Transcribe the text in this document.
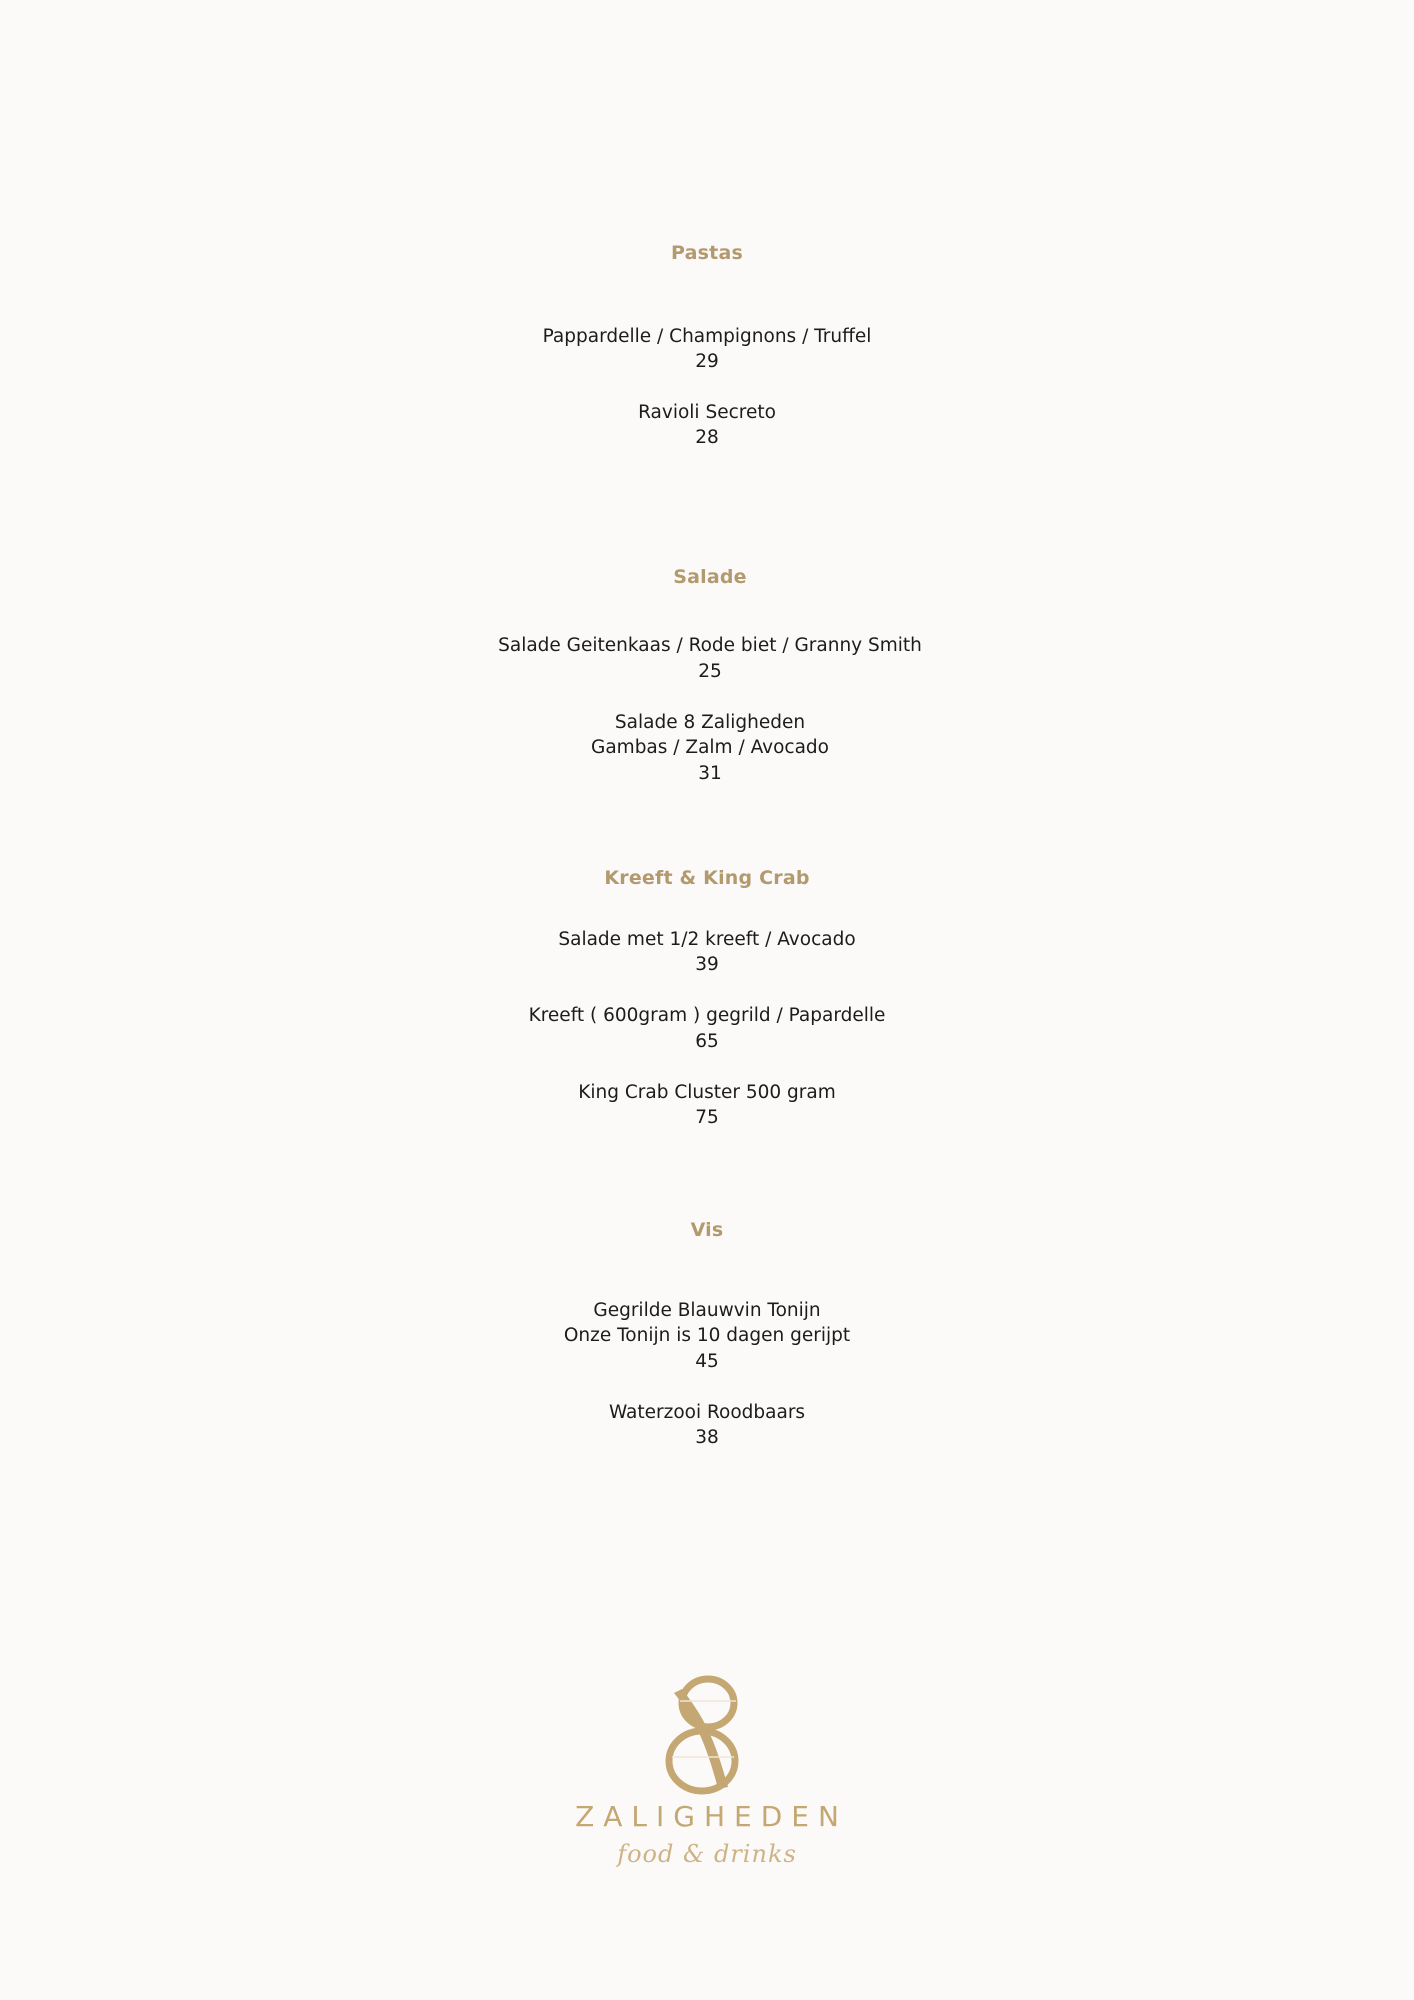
Pastas
Pappardelle / Champignons / Truffel
29
Ravioli Secreto
28
Salade
Salade Geitenkaas / Rode biet / Granny Smith
25
Salade 8 Zaligheden
Gambas / Zalm / Avocado
31
Kreeft & King Crab
Salade met 1/2 kreeft / Avocado
39
Kreeft ( 600gram ) gegrild / Papardelle
65
King Crab Cluster 500 gram
75
Vis
Gegrilde Blauwvin Tonijn
Onze Tonijn is 10 dagen gerijpt
45
Waterzooi Roodbaars
38
ZALIGHEDEN
food & drinks
